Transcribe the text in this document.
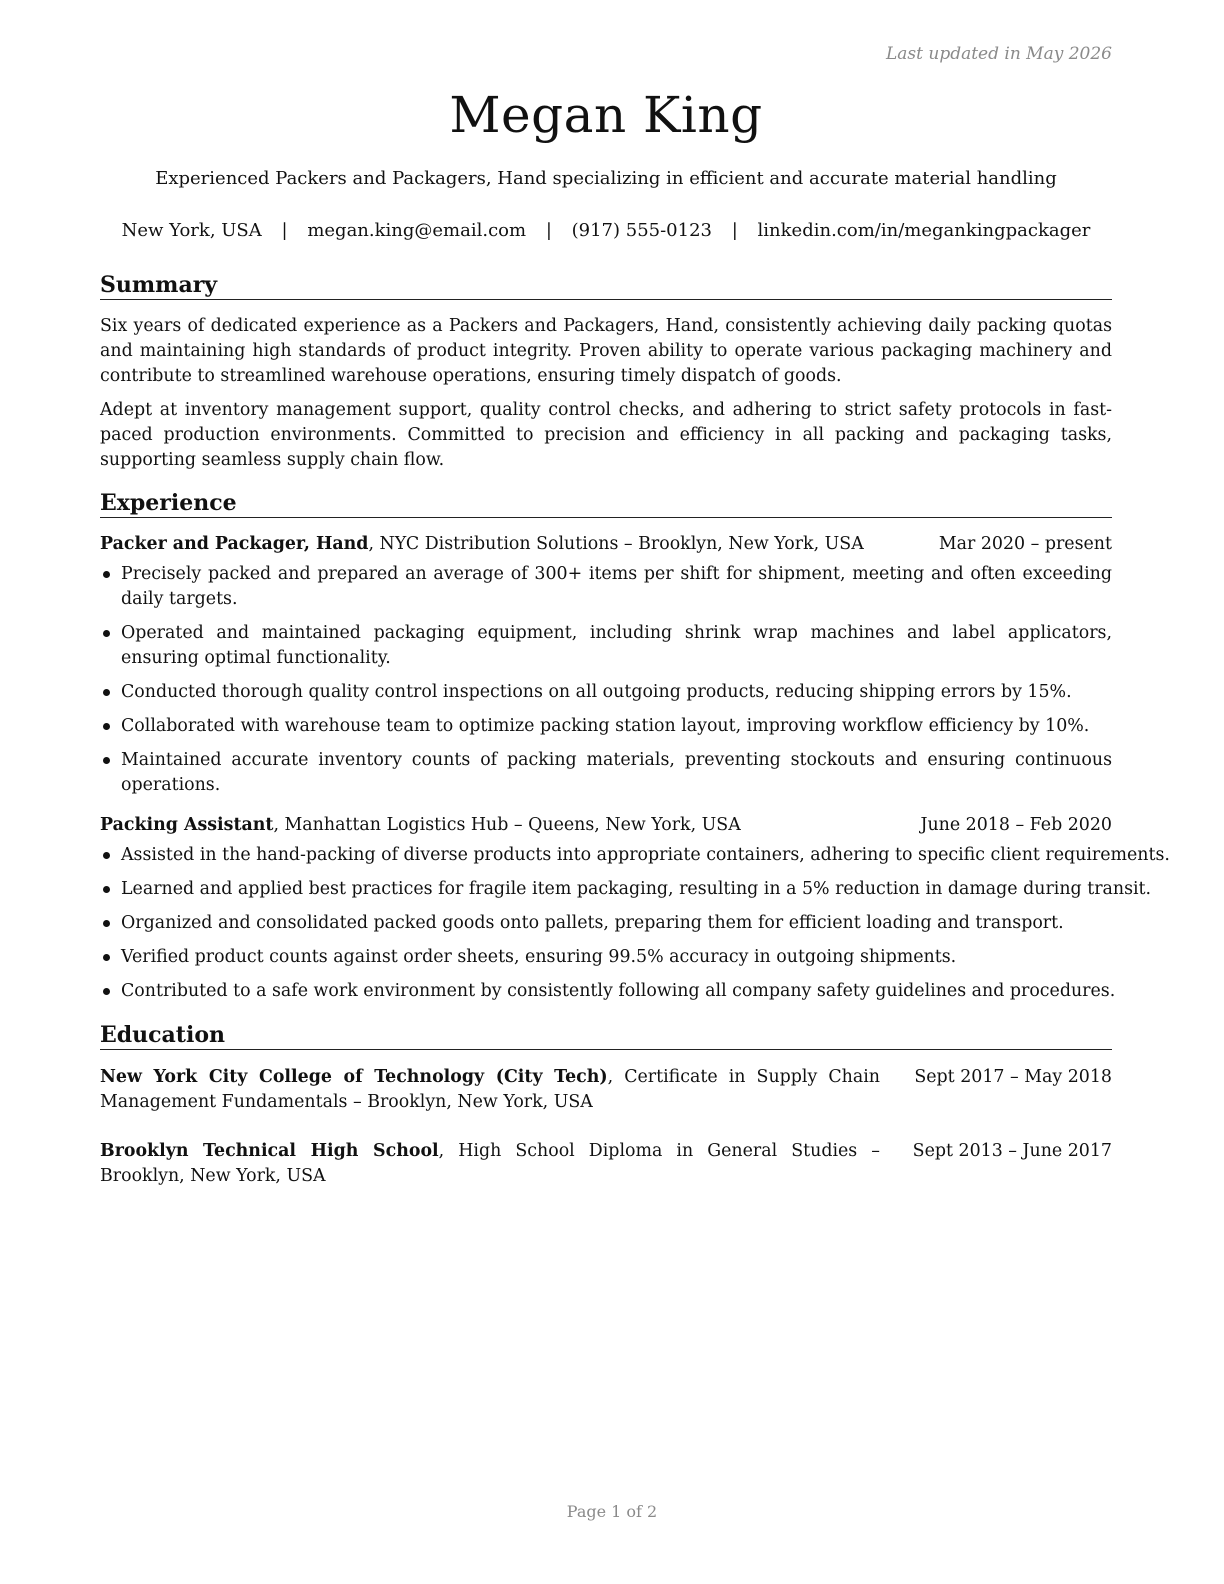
Last updated in May 2026
Megan King
Experienced Packers and Packagers, Hand specializing in efficient and accurate material handling
New York, USA | megan.king@email.com | (917) 555-0123 | linkedin.com/in/megankingpackager
Summary
Six years of dedicated experience as a Packers and Packagers, Hand, consistently achieving daily packing quotas and maintaining high standards of product integrity. Proven ability to operate various packaging machinery and contribute to streamlined warehouse operations, ensuring timely dispatch of goods.
Adept at inventory management support, quality control checks, and adhering to strict safety protocols in fast-paced production environments. Committed to precision and efficiency in all packing and packaging tasks, supporting seamless supply chain flow.
Experience
Packer and Packager, Hand, NYC Distribution Solutions – Brooklyn, New York, USA	Mar 2020 – present
Precisely packed and prepared an average of 300+ items per shift for shipment, meeting and often exceeding daily targets.
Operated and maintained packaging equipment, including shrink wrap machines and label applicators, ensuring optimal functionality.
Conducted thorough quality control inspections on all outgoing products, reducing shipping errors by 15%.
Collaborated with warehouse team to optimize packing station layout, improving workflow efficiency by 10%.
Maintained accurate inventory counts of packing materials, preventing stockouts and ensuring continuous operations.
Packing Assistant, Manhattan Logistics Hub – Queens, New York, USA	June 2018 – Feb 2020
Assisted in the hand-packing of diverse products into appropriate containers, adhering to specific client requirements.
Learned and applied best practices for fragile item packaging, resulting in a 5% reduction in damage during transit.
Organized and consolidated packed goods onto pallets, preparing them for efficient loading and transport.
Verified product counts against order sheets, ensuring 99.5% accuracy in outgoing shipments.
Contributed to a safe work environment by consistently following all company safety guidelines and procedures.
Education
New York City College of Technology (City Tech), Certificate in Supply Chain Management Fundamentals – Brooklyn, New York, USA
Sept 2017 – May 2018
Brooklyn Technical High School, High School Diploma in General Studies – Brooklyn, New York, USA
Sept 2013 – June 2017
Page 1 of 2
